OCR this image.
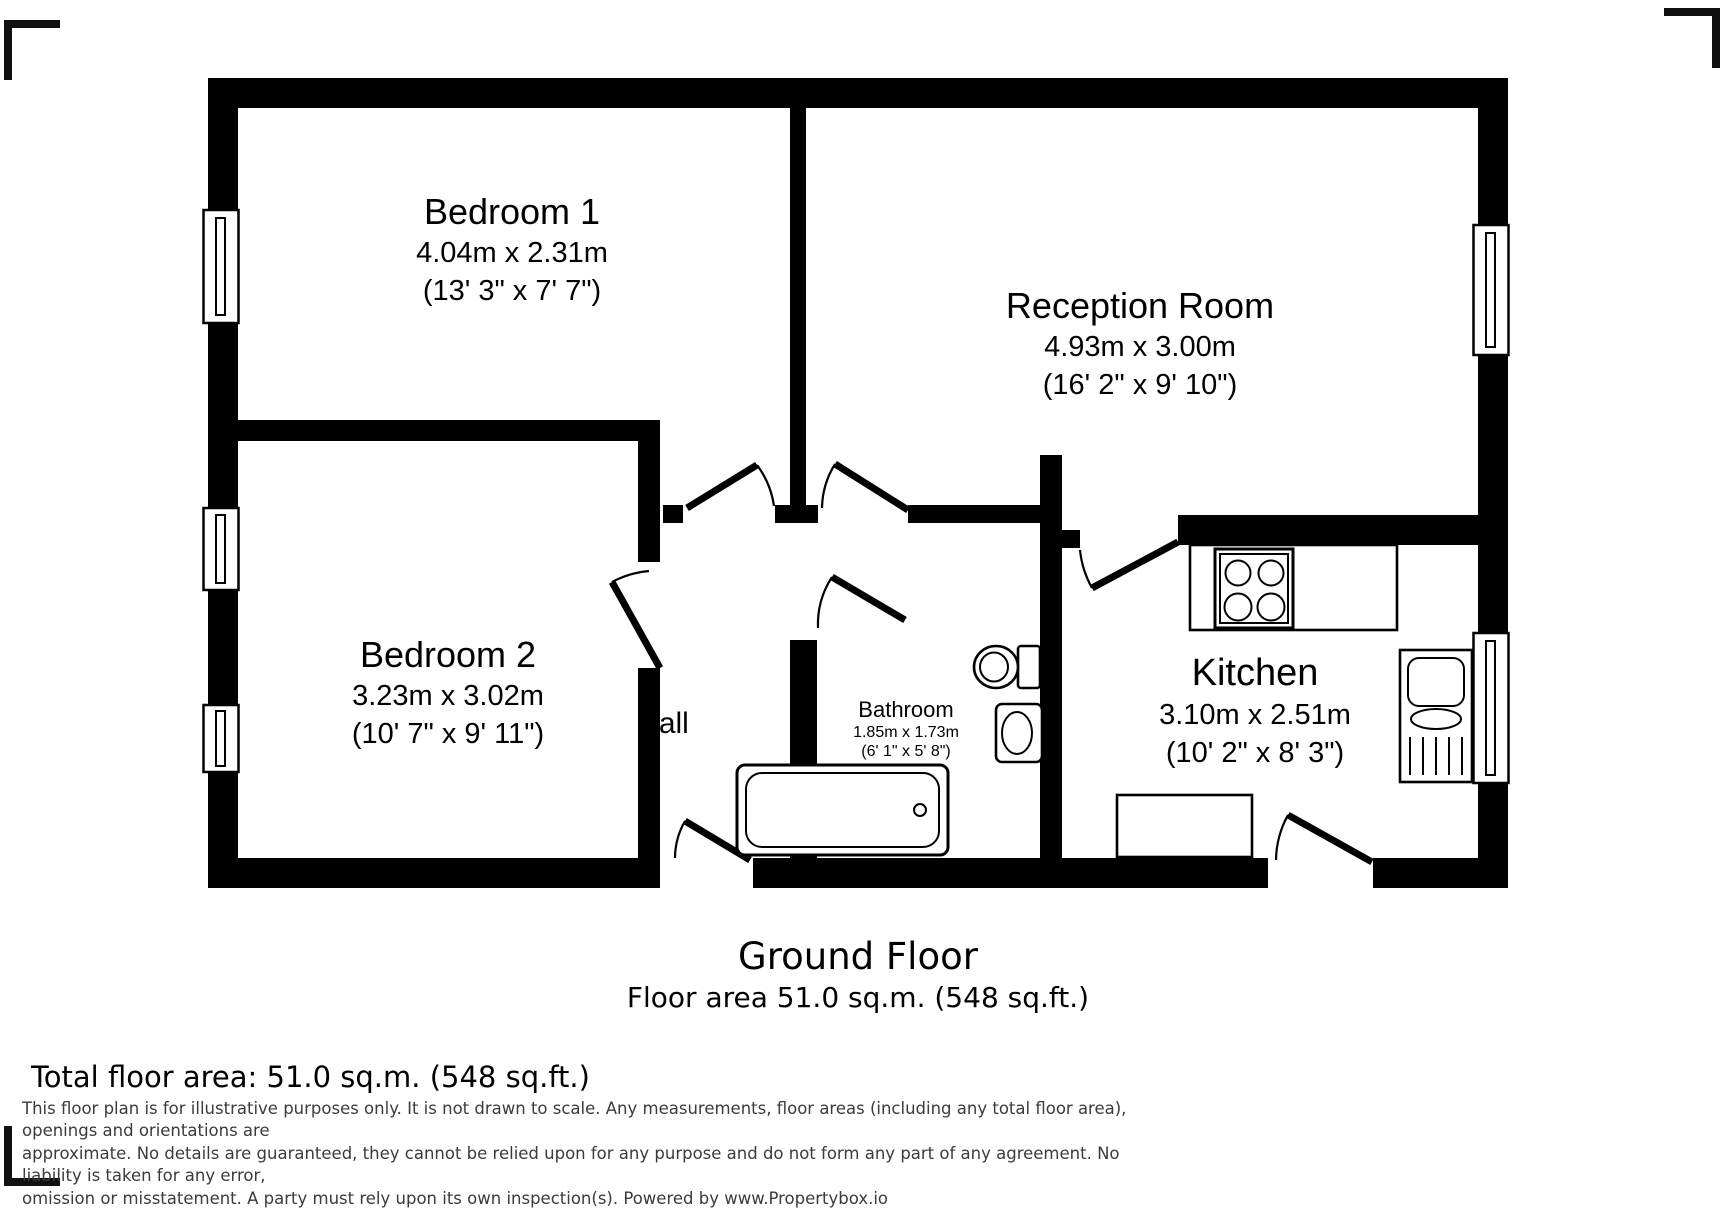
Bedroom 1
4.04m x 2.31m
(13' 3" x 7' 7")	Reception Room
4.93m x 3.00m
(16' 2" x 9' 10")
Bedroom 2
3.23m x 3.02m
(10' 7" x 9' 11")
Bathroom
1.85m x 1.73m
(6' 1" x 5' 8")
Hall
Kitchen
3.10m x 2.51m
(10' 2" x 8' 3")
Ground Floor
Floor area 51.0 sq.m. (548 sq.ft.)
Total floor area: 51.0 sq.m. (548 sq.ft.)
This floor plan is for illustrative purposes only. It is not drawn to scale. Any measurements, floor areas (including any total floor area), openings and orientations are
approximate. No details are guaranteed, they cannot be relied upon for any purpose and do not form any part of any agreement. No liability is taken for any error,
omission or misstatement. A party must rely upon its own inspection(s). Powered by www.Propertybox.io
